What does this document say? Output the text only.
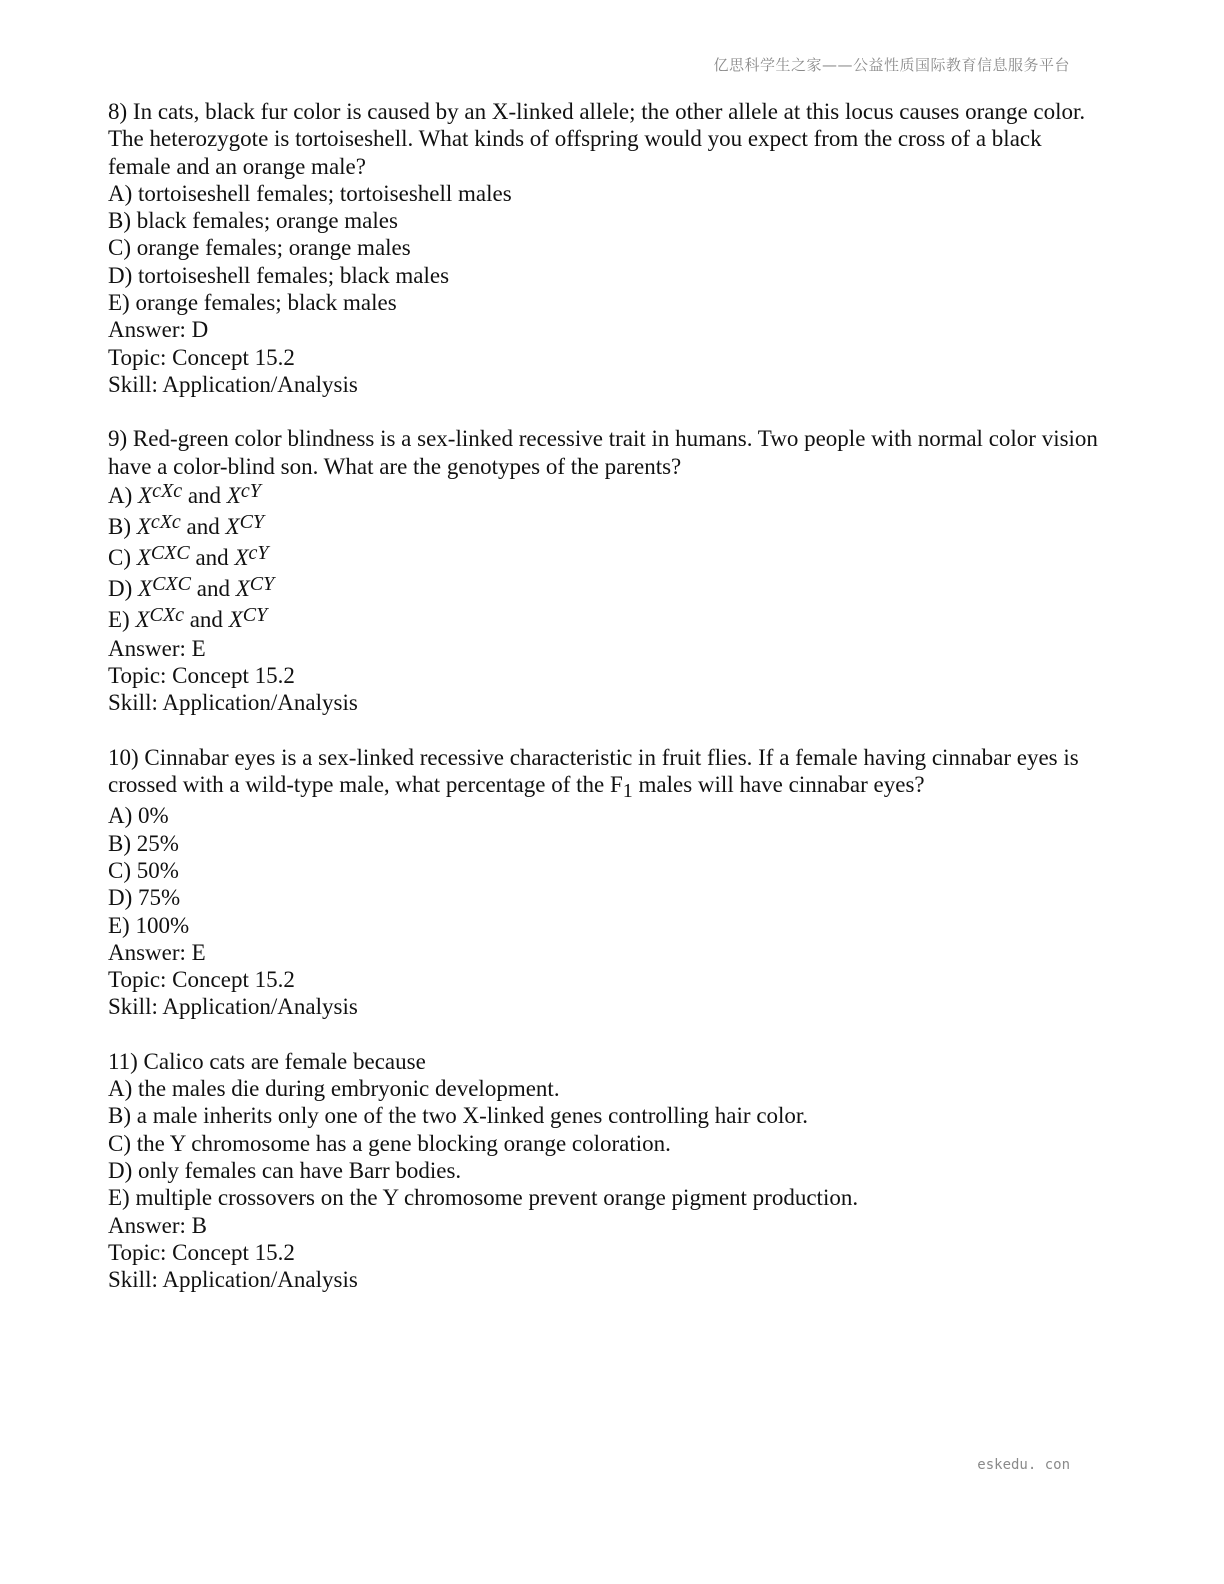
亿思科学生之家——公益性质国际教育信息服务平台
8) In cats, black fur color is caused by an X-linked allele; the other allele at this locus causes orange color. The heterozygote is tortoiseshell. What kinds of offspring would you expect from the cross of a black female and an orange male?
A) tortoiseshell females; tortoiseshell males
B) black females; orange males
C) orange females; orange males
D) tortoiseshell females; black males
E) orange females; black males
Answer: D
Topic: Concept 15.2
Skill: Application/Analysis
9) Red-green color blindness is a sex-linked recessive trait in humans. Two people with normal color vision have a color-blind son. What are the genotypes of the parents?
A) $X^{cXc}$ and $X^{cY}$
B) $X^{cXc}$ and $X^{CY}$
C) $X^{CXC}$ and $X^{cY}$
D) $X^{CXC}$ and $X^{CY}$
E) $X^{CXc}$ and $X^{CY}$
Answer: E
Topic: Concept 15.2
Skill: Application/Analysis
10) Cinnabar eyes is a sex-linked recessive characteristic in fruit flies. If a female having cinnabar eyes is crossed with a wild-type male, what percentage of the F1 males will have cinnabar eyes?
A) 0%
B) 25%
C) 50%
D) 75%
E) 100%
Answer: E
Topic: Concept 15.2
Skill: Application/Analysis
11) Calico cats are female because
A) the males die during embryonic development.
B) a male inherits only one of the two X-linked genes controlling hair color.
C) the Y chromosome has a gene blocking orange coloration.
D) only females can have Barr bodies.
E) multiple crossovers on the Y chromosome prevent orange pigment production.
Answer: B
Topic: Concept 15.2
Skill: Application/Analysis
eskedu. con
